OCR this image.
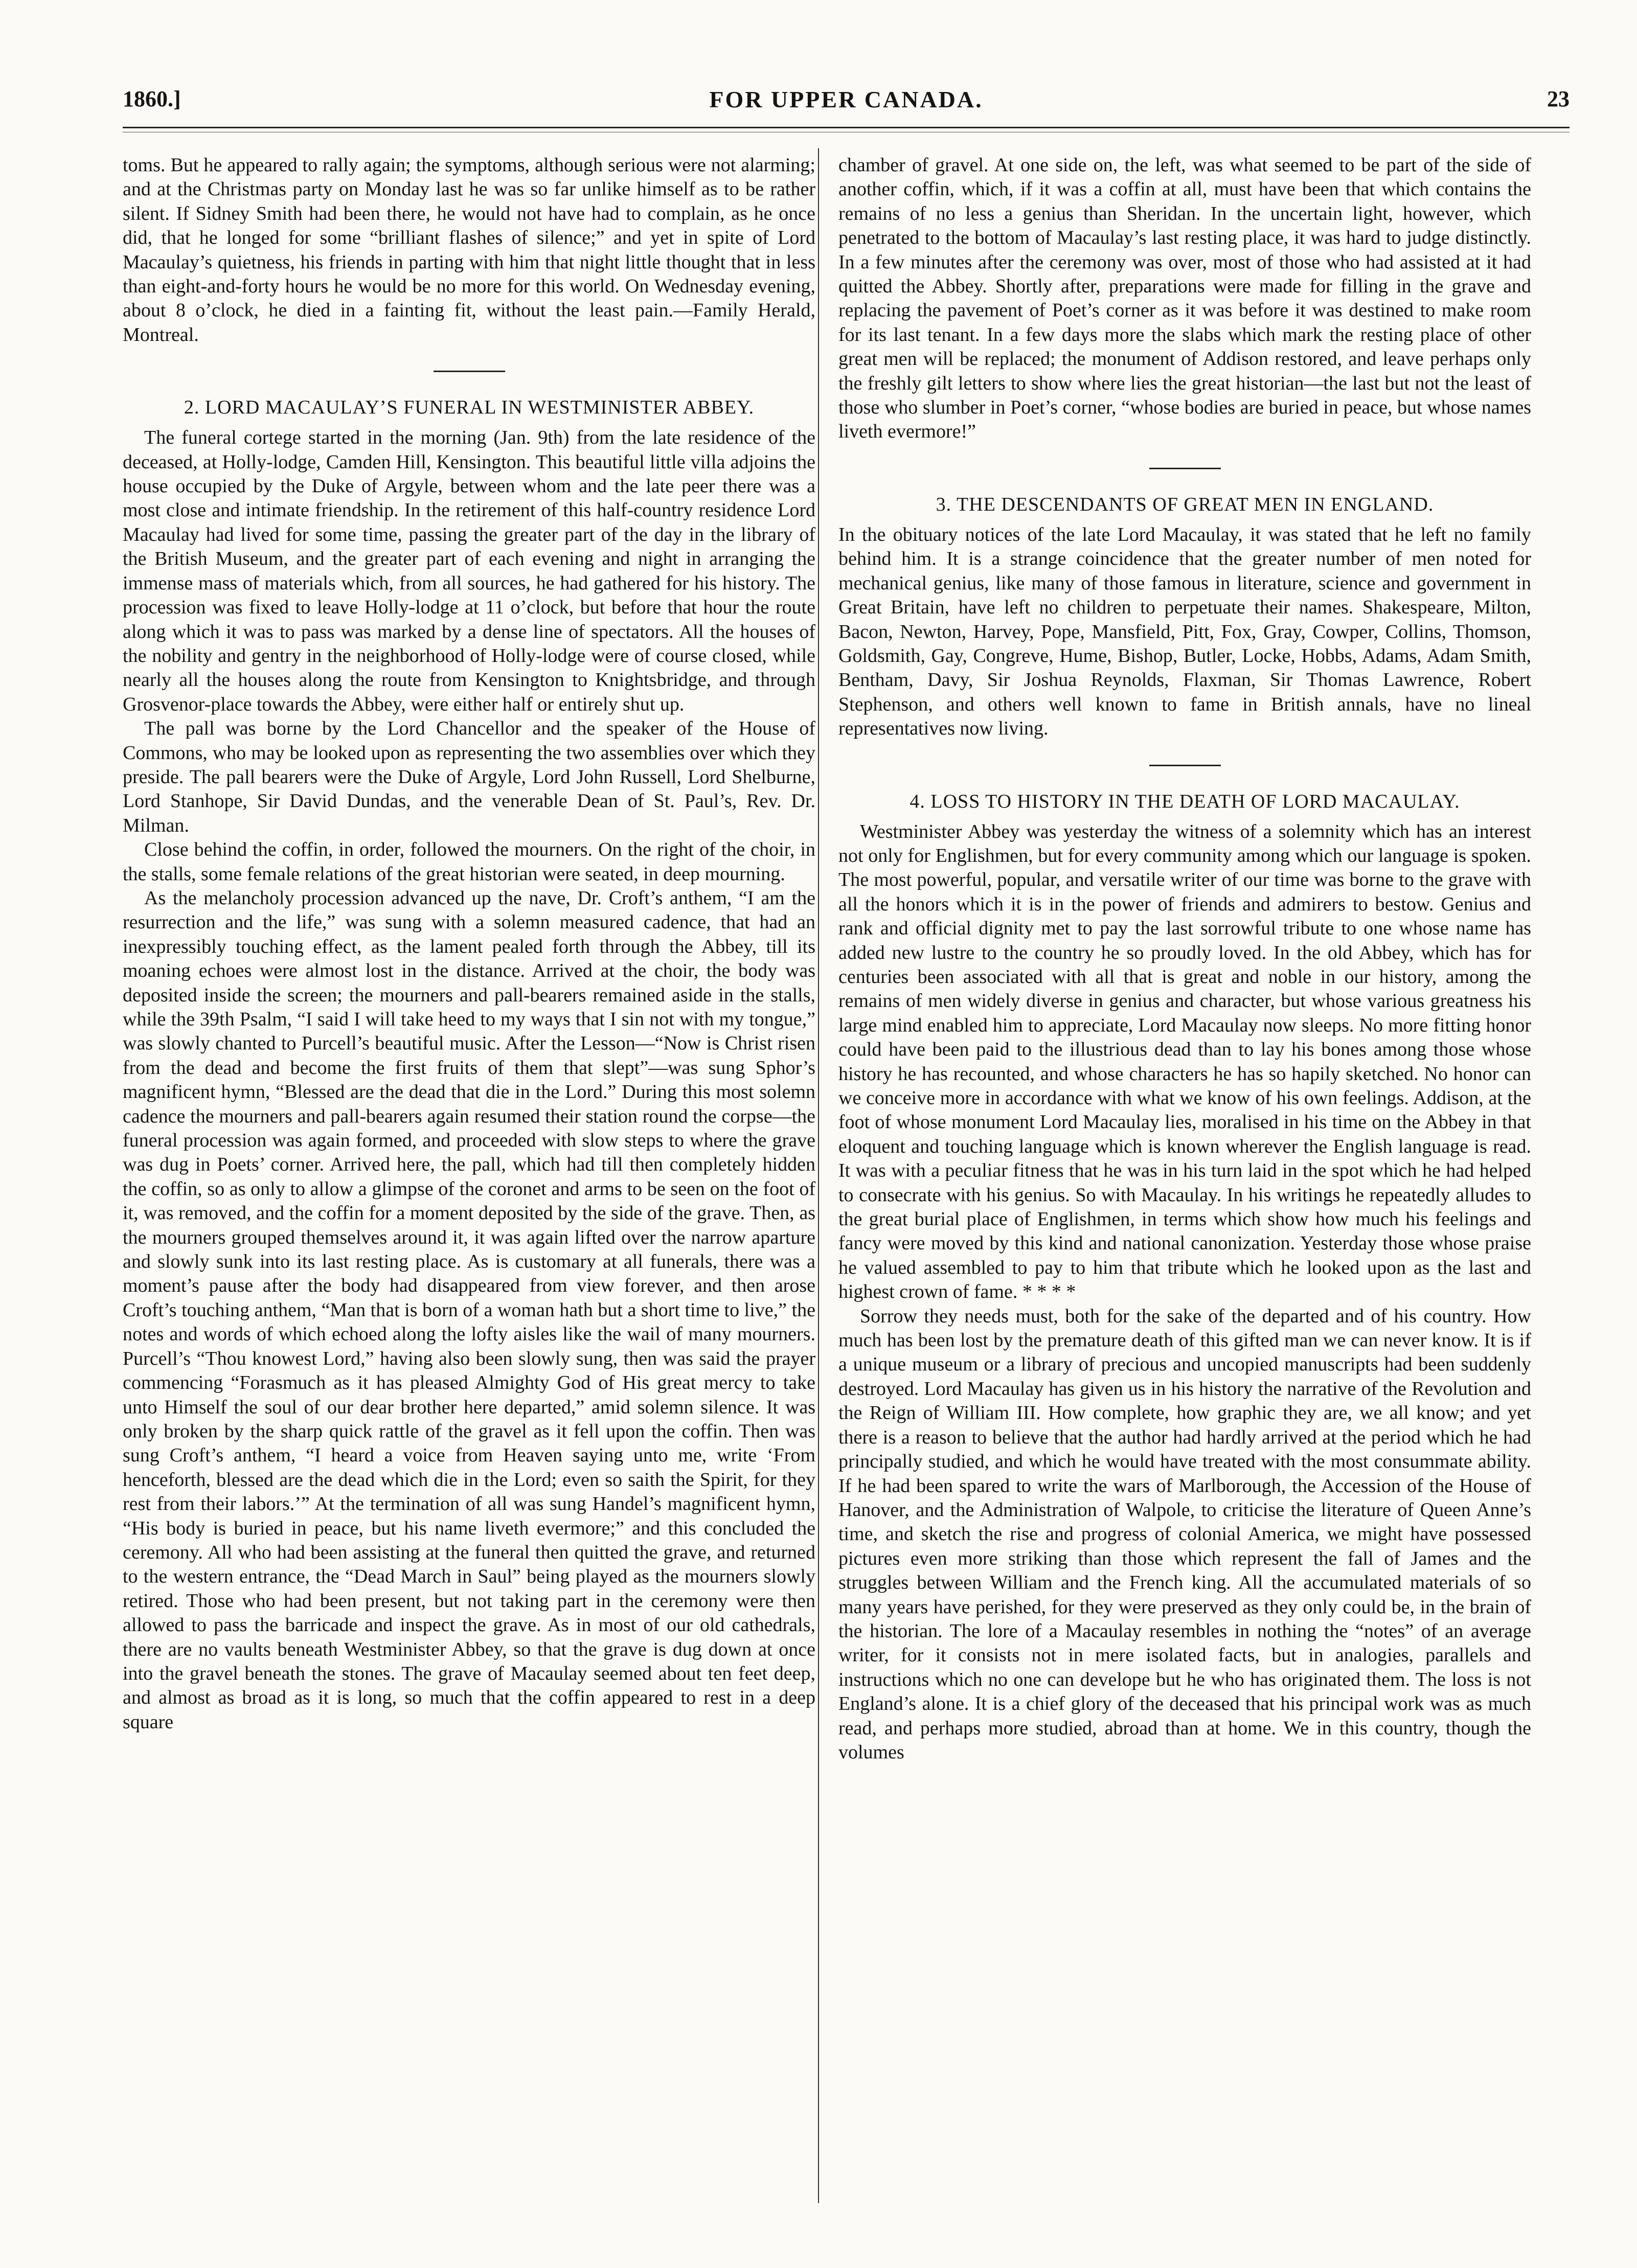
1860.]	FOR UPPER CANADA.	23

toms. But he appeared to rally again; the symptoms, although serious were not alarming; and at the Christmas party on Monday last he was so far unlike himself as to be rather silent. If Sidney Smith had been there, he would not have had to complain, as he once did, that he longed for some “brilliant flashes of silence;” and yet in spite of Lord Macaulay’s quietness, his friends in parting with him that night little thought that in less than eight-and-forty hours he would be no more for this world. On Wednesday evening, about 8 o’clock, he died in a fainting fit, without the least pain.—Family Herald, Montreal.

2. LORD MACAULAY’S FUNERAL IN WESTMINISTER ABBEY.

The funeral cortege started in the morning (Jan. 9th) from the late residence of the deceased, at Holly-lodge, Camden Hill, Kensington. This beautiful little villa adjoins the house occupied by the Duke of Argyle, between whom and the late peer there was a most close and intimate friendship. In the retirement of this half-country residence Lord Macaulay had lived for some time, passing the greater part of the day in the library of the British Museum, and the greater part of each evening and night in arranging the immense mass of materials which, from all sources, he had gathered for his history. The procession was fixed to leave Holly-lodge at 11 o’clock, but before that hour the route along which it was to pass was marked by a dense line of spectators. All the houses of the nobility and gentry in the neighborhood of Holly-lodge were of course closed, while nearly all the houses along the route from Kensington to Knightsbridge, and through Grosvenor-place towards the Abbey, were either half or entirely shut up.

The pall was borne by the Lord Chancellor and the speaker of the House of Commons, who may be looked upon as representing the two assemblies over which they preside. The pall bearers were the Duke of Argyle, Lord John Russell, Lord Shelburne, Lord Stanhope, Sir David Dundas, and the venerable Dean of St. Paul’s, Rev. Dr. Milman.

Close behind the coffin, in order, followed the mourners. On the right of the choir, in the stalls, some female relations of the great historian were seated, in deep mourning.

As the melancholy procession advanced up the nave, Dr. Croft’s anthem, “I am the resurrection and the life,” was sung with a solemn measured cadence, that had an inexpressibly touching effect, as the lament pealed forth through the Abbey, till its moaning echoes were almost lost in the distance. Arrived at the choir, the body was deposited inside the screen; the mourners and pall-bearers remained aside in the stalls, while the 39th Psalm, “I said I will take heed to my ways that I sin not with my tongue,” was slowly chanted to Purcell’s beautiful music. After the Lesson—“Now is Christ risen from the dead and become the first fruits of them that slept”—was sung Sphor’s magnificent hymn, “Blessed are the dead that die in the Lord.” During this most solemn cadence the mourners and pall-bearers again resumed their station round the corpse—the funeral procession was again formed, and proceeded with slow steps to where the grave was dug in Poets’ corner. Arrived here, the pall, which had till then completely hidden the coffin, so as only to allow a glimpse of the coronet and arms to be seen on the foot of it, was removed, and the coffin for a moment deposited by the side of the grave. Then, as the mourners grouped themselves around it, it was again lifted over the narrow aparture and slowly sunk into its last resting place. As is customary at all funerals, there was a moment’s pause after the body had disappeared from view forever, and then arose Croft’s touching anthem, “Man that is born of a woman hath but a short time to live,” the notes and words of which echoed along the lofty aisles like the wail of many mourners. Purcell’s “Thou knowest Lord,” having also been slowly sung, then was said the prayer commencing “Forasmuch as it has pleased Almighty God of His great mercy to take unto Himself the soul of our dear brother here departed,” amid solemn silence. It was only broken by the sharp quick rattle of the gravel as it fell upon the coffin. Then was sung Croft’s anthem, “I heard a voice from Heaven saying unto me, write ‘From henceforth, blessed are the dead which die in the Lord; even so saith the Spirit, for they rest from their labors.’” At the termination of all was sung Handel’s magnificent hymn, “His body is buried in peace, but his name liveth evermore;” and this concluded the ceremony. All who had been assisting at the funeral then quitted the grave, and returned to the western entrance, the “Dead March in Saul” being played as the mourners slowly retired. Those who had been present, but not taking part in the ceremony were then allowed to pass the barricade and inspect the grave. As in most of our old cathedrals, there are no vaults beneath Westminister Abbey, so that the grave is dug down at once into the gravel beneath the stones. The grave of Macaulay seemed about ten feet deep, and almost as broad as it is long, so much that the coffin appeared to rest in a deep square

chamber of gravel. At one side on, the left, was what seemed to be part of the side of another coffin, which, if it was a coffin at all, must have been that which contains the remains of no less a genius than Sheridan. In the uncertain light, however, which penetrated to the bottom of Macaulay’s last resting place, it was hard to judge distinctly. In a few minutes after the ceremony was over, most of those who had assisted at it had quitted the Abbey. Shortly after, preparations were made for filling in the grave and replacing the pavement of Poet’s corner as it was before it was destined to make room for its last tenant. In a few days more the slabs which mark the resting place of other great men will be replaced; the monument of Addison restored, and leave perhaps only the freshly gilt letters to show where lies the great historian—the last but not the least of those who slumber in Poet’s corner, “whose bodies are buried in peace, but whose names liveth evermore!”

3. THE DESCENDANTS OF GREAT MEN IN ENGLAND.

In the obituary notices of the late Lord Macaulay, it was stated that he left no family behind him. It is a strange coincidence that the greater number of men noted for mechanical genius, like many of those famous in literature, science and government in Great Britain, have left no children to perpetuate their names. Shakespeare, Milton, Bacon, Newton, Harvey, Pope, Mansfield, Pitt, Fox, Gray, Cowper, Collins, Thomson, Goldsmith, Gay, Congreve, Hume, Bishop, Butler, Locke, Hobbs, Adams, Adam Smith, Bentham, Davy, Sir Joshua Reynolds, Flaxman, Sir Thomas Lawrence, Robert Stephenson, and others well known to fame in British annals, have no lineal representatives now living.

4. LOSS TO HISTORY IN THE DEATH OF LORD MACAULAY.

Westminister Abbey was yesterday the witness of a solemnity which has an interest not only for Englishmen, but for every community among which our language is spoken. The most powerful, popular, and versatile writer of our time was borne to the grave with all the honors which it is in the power of friends and admirers to bestow. Genius and rank and official dignity met to pay the last sorrowful tribute to one whose name has added new lustre to the country he so proudly loved. In the old Abbey, which has for centuries been associated with all that is great and noble in our history, among the remains of men widely diverse in genius and character, but whose various greatness his large mind enabled him to appreciate, Lord Macaulay now sleeps. No more fitting honor could have been paid to the illustrious dead than to lay his bones among those whose history he has recounted, and whose characters he has so hapily sketched. No honor can we conceive more in accordance with what we know of his own feelings. Addison, at the foot of whose monument Lord Macaulay lies, moralised in his time on the Abbey in that eloquent and touching language which is known wherever the English language is read. It was with a peculiar fitness that he was in his turn laid in the spot which he had helped to consecrate with his genius. So with Macaulay. In his writings he repeatedly alludes to the great burial place of Englishmen, in terms which show how much his feelings and fancy were moved by this kind and national canonization. Yesterday those whose praise he valued assembled to pay to him that tribute which he looked upon as the last and highest crown of fame. * * * *

Sorrow they needs must, both for the sake of the departed and of his country. How much has been lost by the premature death of this gifted man we can never know. It is if a unique museum or a library of precious and uncopied manuscripts had been suddenly destroyed. Lord Macaulay has given us in his history the narrative of the Revolution and the Reign of William III. How complete, how graphic they are, we all know; and yet there is a reason to believe that the author had hardly arrived at the period which he had principally studied, and which he would have treated with the most consummate ability. If he had been spared to write the wars of Marlborough, the Accession of the House of Hanover, and the Administration of Walpole, to criticise the literature of Queen Anne’s time, and sketch the rise and progress of colonial America, we might have possessed pictures even more striking than those which represent the fall of James and the struggles between William and the French king. All the accumulated materials of so many years have perished, for they were preserved as they only could be, in the brain of the historian. The lore of a Macaulay resembles in nothing the “notes” of an average writer, for it consists not in mere isolated facts, but in analogies, parallels and instructions which no one can develope but he who has originated them. The loss is not England’s alone. It is a chief glory of the deceased that his principal work was as much read, and perhaps more studied, abroad than at home. We in this country, though the volumes
